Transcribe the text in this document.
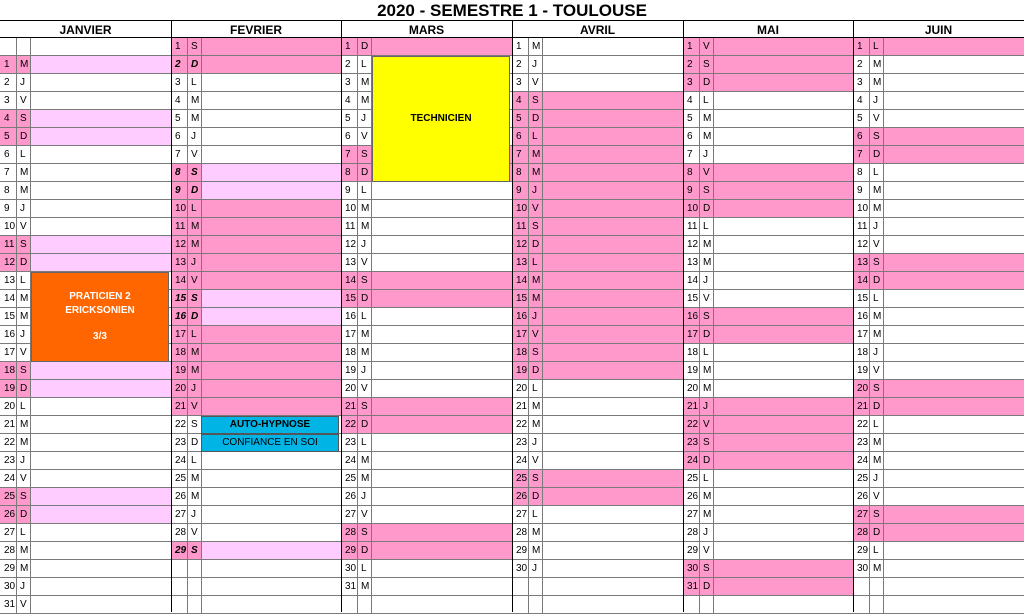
2020 - SEMESTRE 1 - TOULOUSE
JANVIER
1	M
2	J
3	V
4	S
5	D
6	L
7	M
8	M
9	J
10 V
11 S
12 D
13 L
14 M
15 M
16 J
17 V
18 S
19 D
20 L
21 M
22 M
23 J
24 V
25 S
26 D
27 L
28 M
29 M
30 J
31 V
FEVRIER
1	S
2	D
3	L
4	M
5	M
6	J
7	V
8	S
9	D
10 L
11 M
12 M
13 J
14 V
15 S
16 D
17 L
18 M
19 M
20 J
21 V
22 S
23 D
24 L
25 M
26 M
27 J
28 V
29 S
MARS
1	D
2	L
3	M
4	M
5	J
6	V
7	S
8	D
9	L
10 M
11 M
12 J
13 V
14 S
15 D
16 L
17 M
18 M
19 J
20 V
21 S
22 D
23 L
24 M
25 M
26 J
27 V
28 S
29 D
30 L
31 M
AVRIL
1	M
2	J
3	V
4	S
5	D
6	L
7	M
8	M
9	J
10 V
11 S
12 D
13 L
14 M
15 M
16 J
17 V
18 S
19 D
20 L
21 M
22 M
23 J
24 V
25 S
26 D
27 L
28 M
29 M
30 J
MAI
1	V
2	S
3	D
4	L
5	M
6	M
7	J
8	V
9	S
10 D
11 L
12 M
13 M
14 J
15 V
16 S
17 D
18 L
19 M
20 M
21 J
22 V
23 S
24 D
25 L
26 M
27 M
28 J
29 V
30 S
31 D
JUIN
1	L
2	M
3	M
4	J
5	V
6	S
7	D
8	L
9	M
10 M
11 J
12 V
13 S
14 D
15 L
16 M
17 M
18 J
19 V
20 S
21 D
22 L
23 M
24 M
25 J
26 V
27 S
28 D
29 L
30 M
PRATICIEN 2
ERICKSONIEN
3/3
TECHNICIEN
AUTO-HYPNOSE
CONFIANCE EN SOI
